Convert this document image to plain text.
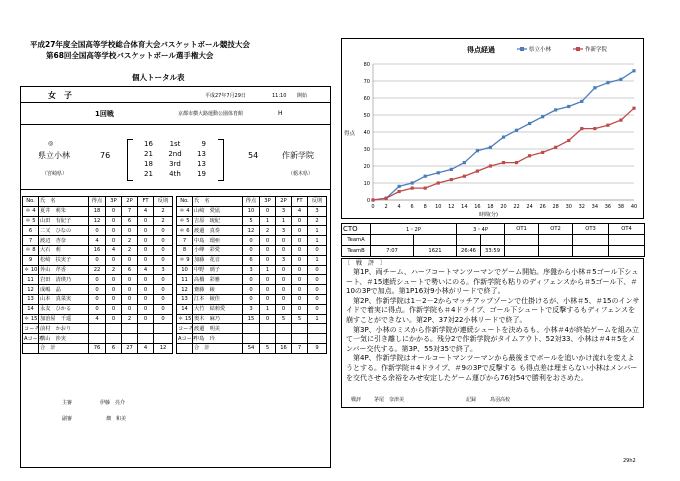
平成27年度全国高等学校総合体育大会バスケットボール競技大会
第68回全国高等学校バスケットボール選手権大会
個人トータル表
女　子	平成27年7月29日	11:10 開始
1回戦	京都市横大路運動公園体育館	H
◎
県立小林	76
（宮崎県）
16	1st	9
21	2nd	13
18	3rd	13
21	4th	19
54	作新学院
（栃木県）
No.	氏　名	得点	3P	2P	FT	反則
＊ 4	夏井　莉朱	18	0	7	4	2
＊ 5	山田　有紀子	12	0	6	0	2
6	二又　ひなの	0	0	0	0	0
7	渡辺　杏奈	4	0	2	0	0
＊ 8	大石　莉	16	4	2	0	0
9	松崎　扶実子	0	0	0	0	0
＊ 10	外山　芹香	22	2	6	4	3
11	岩田　清瑛乃	0	0	0	0	0
12	成嶋　晶	0	0	0	0	0
13	山本　真菜実	0	0	0	0	0
14	永友　ひかる	0	0	0	0	0
＊ 15	加治屋　千遥	4	0	2	0	0
コーチ	前村　かおり					
Aコーチ	横山　渉実					
	合　計	76	6	27	4	12
No.	氏　名	得点	3P	2P	FT	反則
＊ 4	山崎　愛凪	10	0	3	4	3
＊ 5	吉原　琉紀	5	1	1	0	2
＊ 6	渡邊　真奏	12	2	3	0	1
7	中島　瑠亜	0	0	0	0	1
8	小峰　彩愛	0	0	0	0	0
＊ 9	加藤　花音	6	0	3	0	1
10	中野　璃子	3	1	0	0	0
11	高橋　彩雅	0	0	0	0	0
12	齋藤　綾	0	0	0	0	0
13	江本　綾佳	0	0	0	0	0
14	大竹　結莉愛	3	1	0	0	0
＊ 15	奥木　麻乃	15	0	5	5	1
コーチ	渡邊　明美					
Aコーチ	中島　玲					
	合　計	54	5	16	7	9
主審	伊藤　亮介
副審	畑　和美
得点経過	県立小林	作新学院
0
10
20
30
40
50
60
70
80
0 2 4 6 8 10 12 14 16 18 20 22 24 26 28 30 32 34 36 38 40
得点
時間(分)
CTO	1・2P		3・4P		OT1	OT2	OT3	OT4	
TeamA									
TeamB	7:07	1621	26:46	33:59					
〔　戦　評　〕

第1P、両チーム、ハーフコートマンツーマンでゲーム開始。序盤から小林＃5ゴール下シュート、＃15連続シュートで勢いにのる。作新学院も粘りのディフェンスから＃5ゴール下、＃10の3Pで加点。第1P16対9小林がリードで終了。

第2P、作新学院は1－2－2からマッチアップゾーンで仕掛けるが、小林＃5、＃15のインサイドで着実に得点。作新学院も＃4ドライブ、ゴール下シュートで反撃するもディフェンスを崩すことができない。第2P、37対22小林リードで終了。

第3P、小林のミスから作新学院が連続シュートを決めるも、小林＃4が終始ゲームを組み立て一気に引き離しにかかる。残分2で作新学院がタイムアウト、52対33、小林は＃4＃5をメンバー交代する。第3P、55対35で終了。

第4P、作新学院はオールコートマンツーマンから最後までボールを追いかけ流れを変えようとする。作新学院＃4ドライブ、＃9の3Pで反撃する も得点差は埋まらない小林はメンバーを交代させる余裕をみせ安定したゲーム運びから76対54で勝利をおさめた。

戦評	茅尾　奈津美	記録	鳥羽高校
29h2
